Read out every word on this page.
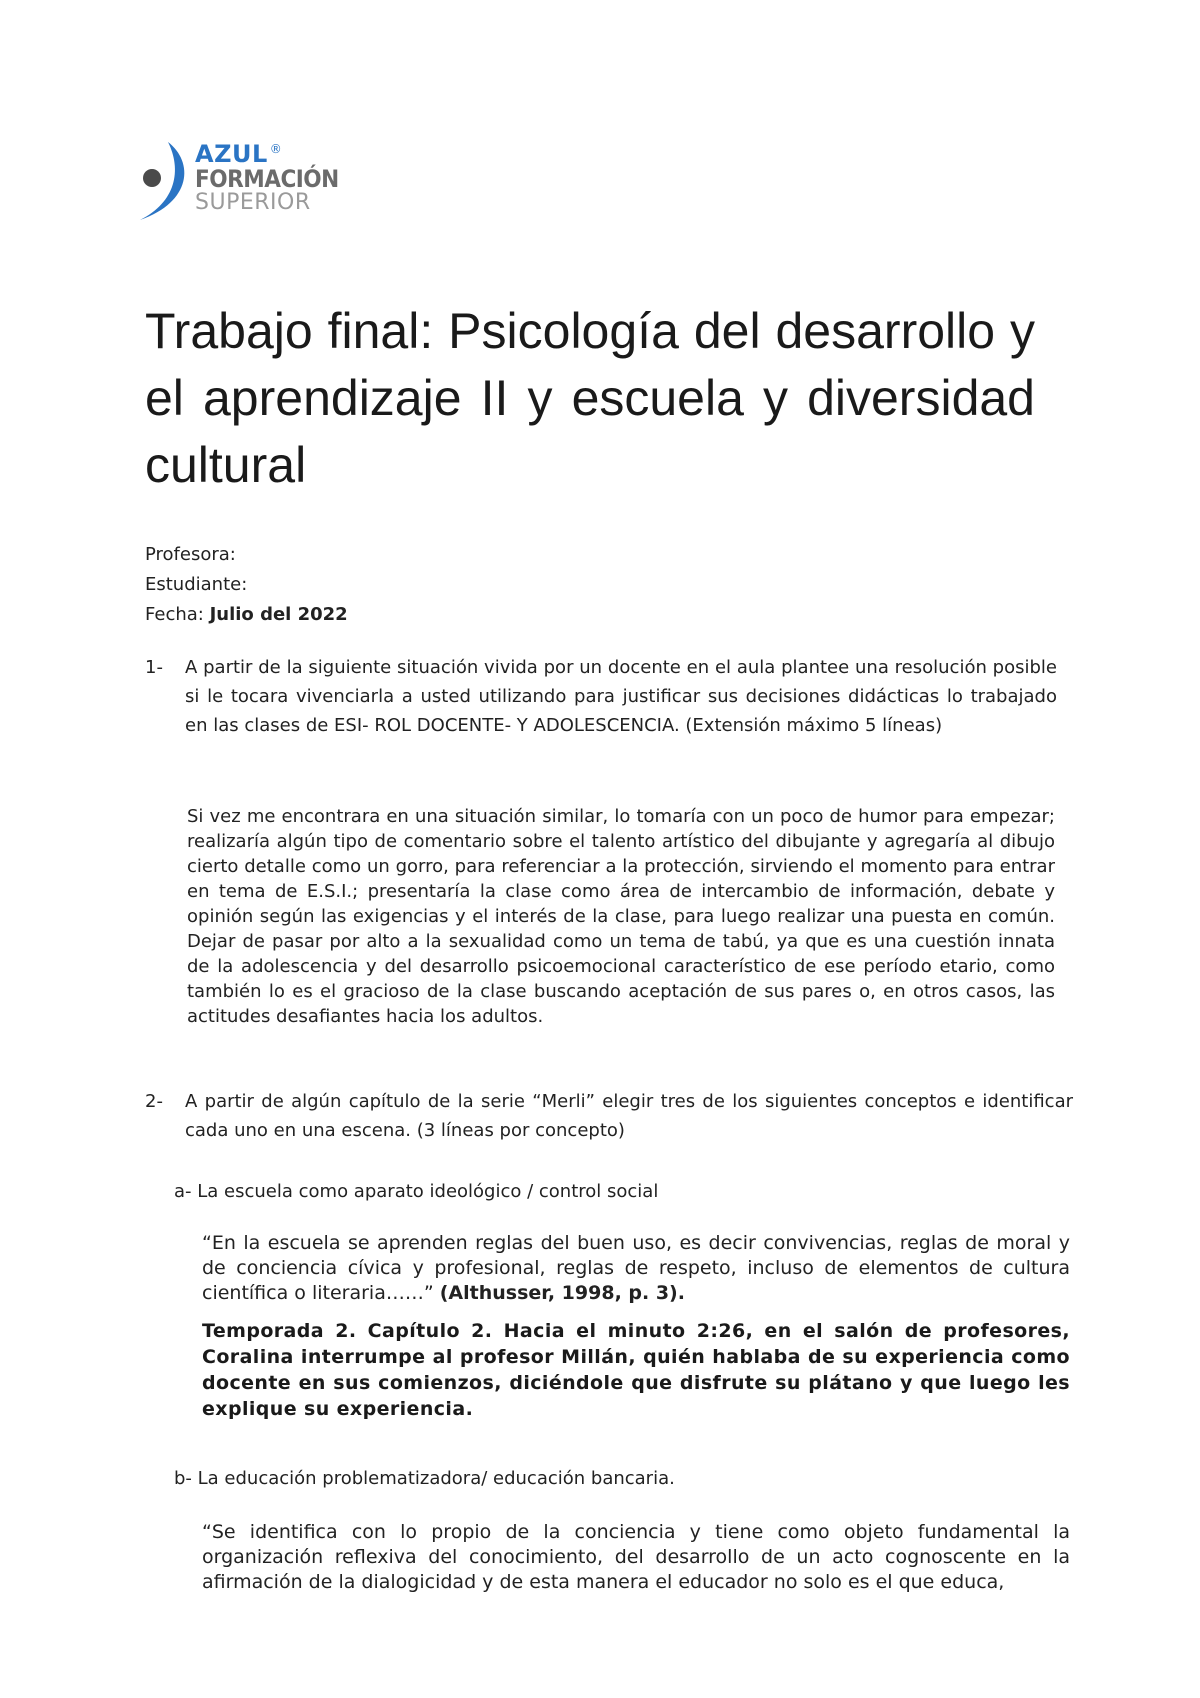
AZUL ®
FORMACIÓN
SUPERIOR
Trabajo final: Psicología del desarrollo y el aprendizaje II y escuela y diversidad cultural
Profesora:
Estudiante:
Fecha: Julio del 2022
1- A partir de la siguiente situación vivida por un docente en el aula plantee una resolución posible si le tocara vivenciarla a usted utilizando para justificar sus decisiones didácticas lo trabajado en las clases de ESI- ROL DOCENTE- Y ADOLESCENCIA. (Extensión máximo 5 líneas)
Si vez me encontrara en una situación similar, lo tomaría con un poco de humor para empezar; realizaría algún tipo de comentario sobre el talento artístico del dibujante y agregaría al dibujo cierto detalle como un gorro, para referenciar a la protección, sirviendo el momento para entrar en tema de E.S.I.; presentaría la clase como área de intercambio de información, debate y opinión según las exigencias y el interés de la clase, para luego realizar una puesta en común. Dejar de pasar por alto a la sexualidad como un tema de tabú, ya que es una cuestión innata de la adolescencia y del desarrollo psicoemocional característico de ese período etario, como también lo es el gracioso de la clase buscando aceptación de sus pares o, en otros casos, las actitudes desafiantes hacia los adultos.
2- A partir de algún capítulo de la serie “Merli” elegir tres de los siguientes conceptos e identificar cada uno en una escena. (3 líneas por concepto)
a- La escuela como aparato ideológico / control social
“En la escuela se aprenden reglas del buen uso, es decir convivencias, reglas de moral y de conciencia cívica y profesional, reglas de respeto, incluso de elementos de cultura científica o literaria……” (Althusser, 1998, p. 3).
Temporada 2. Capítulo 2. Hacia el minuto 2:26, en el salón de profesores, Coralina interrumpe al profesor Millán, quién hablaba de su experiencia como docente en sus comienzos, diciéndole que disfrute su plátano y que luego les explique su experiencia.
b- La educación problematizadora/ educación bancaria.
“Se identifica con lo propio de la conciencia y tiene como objeto fundamental la organización reflexiva del conocimiento, del desarrollo de un acto cognoscente en la afirmación de la dialogicidad y de esta manera el educador no solo es el que educa,
